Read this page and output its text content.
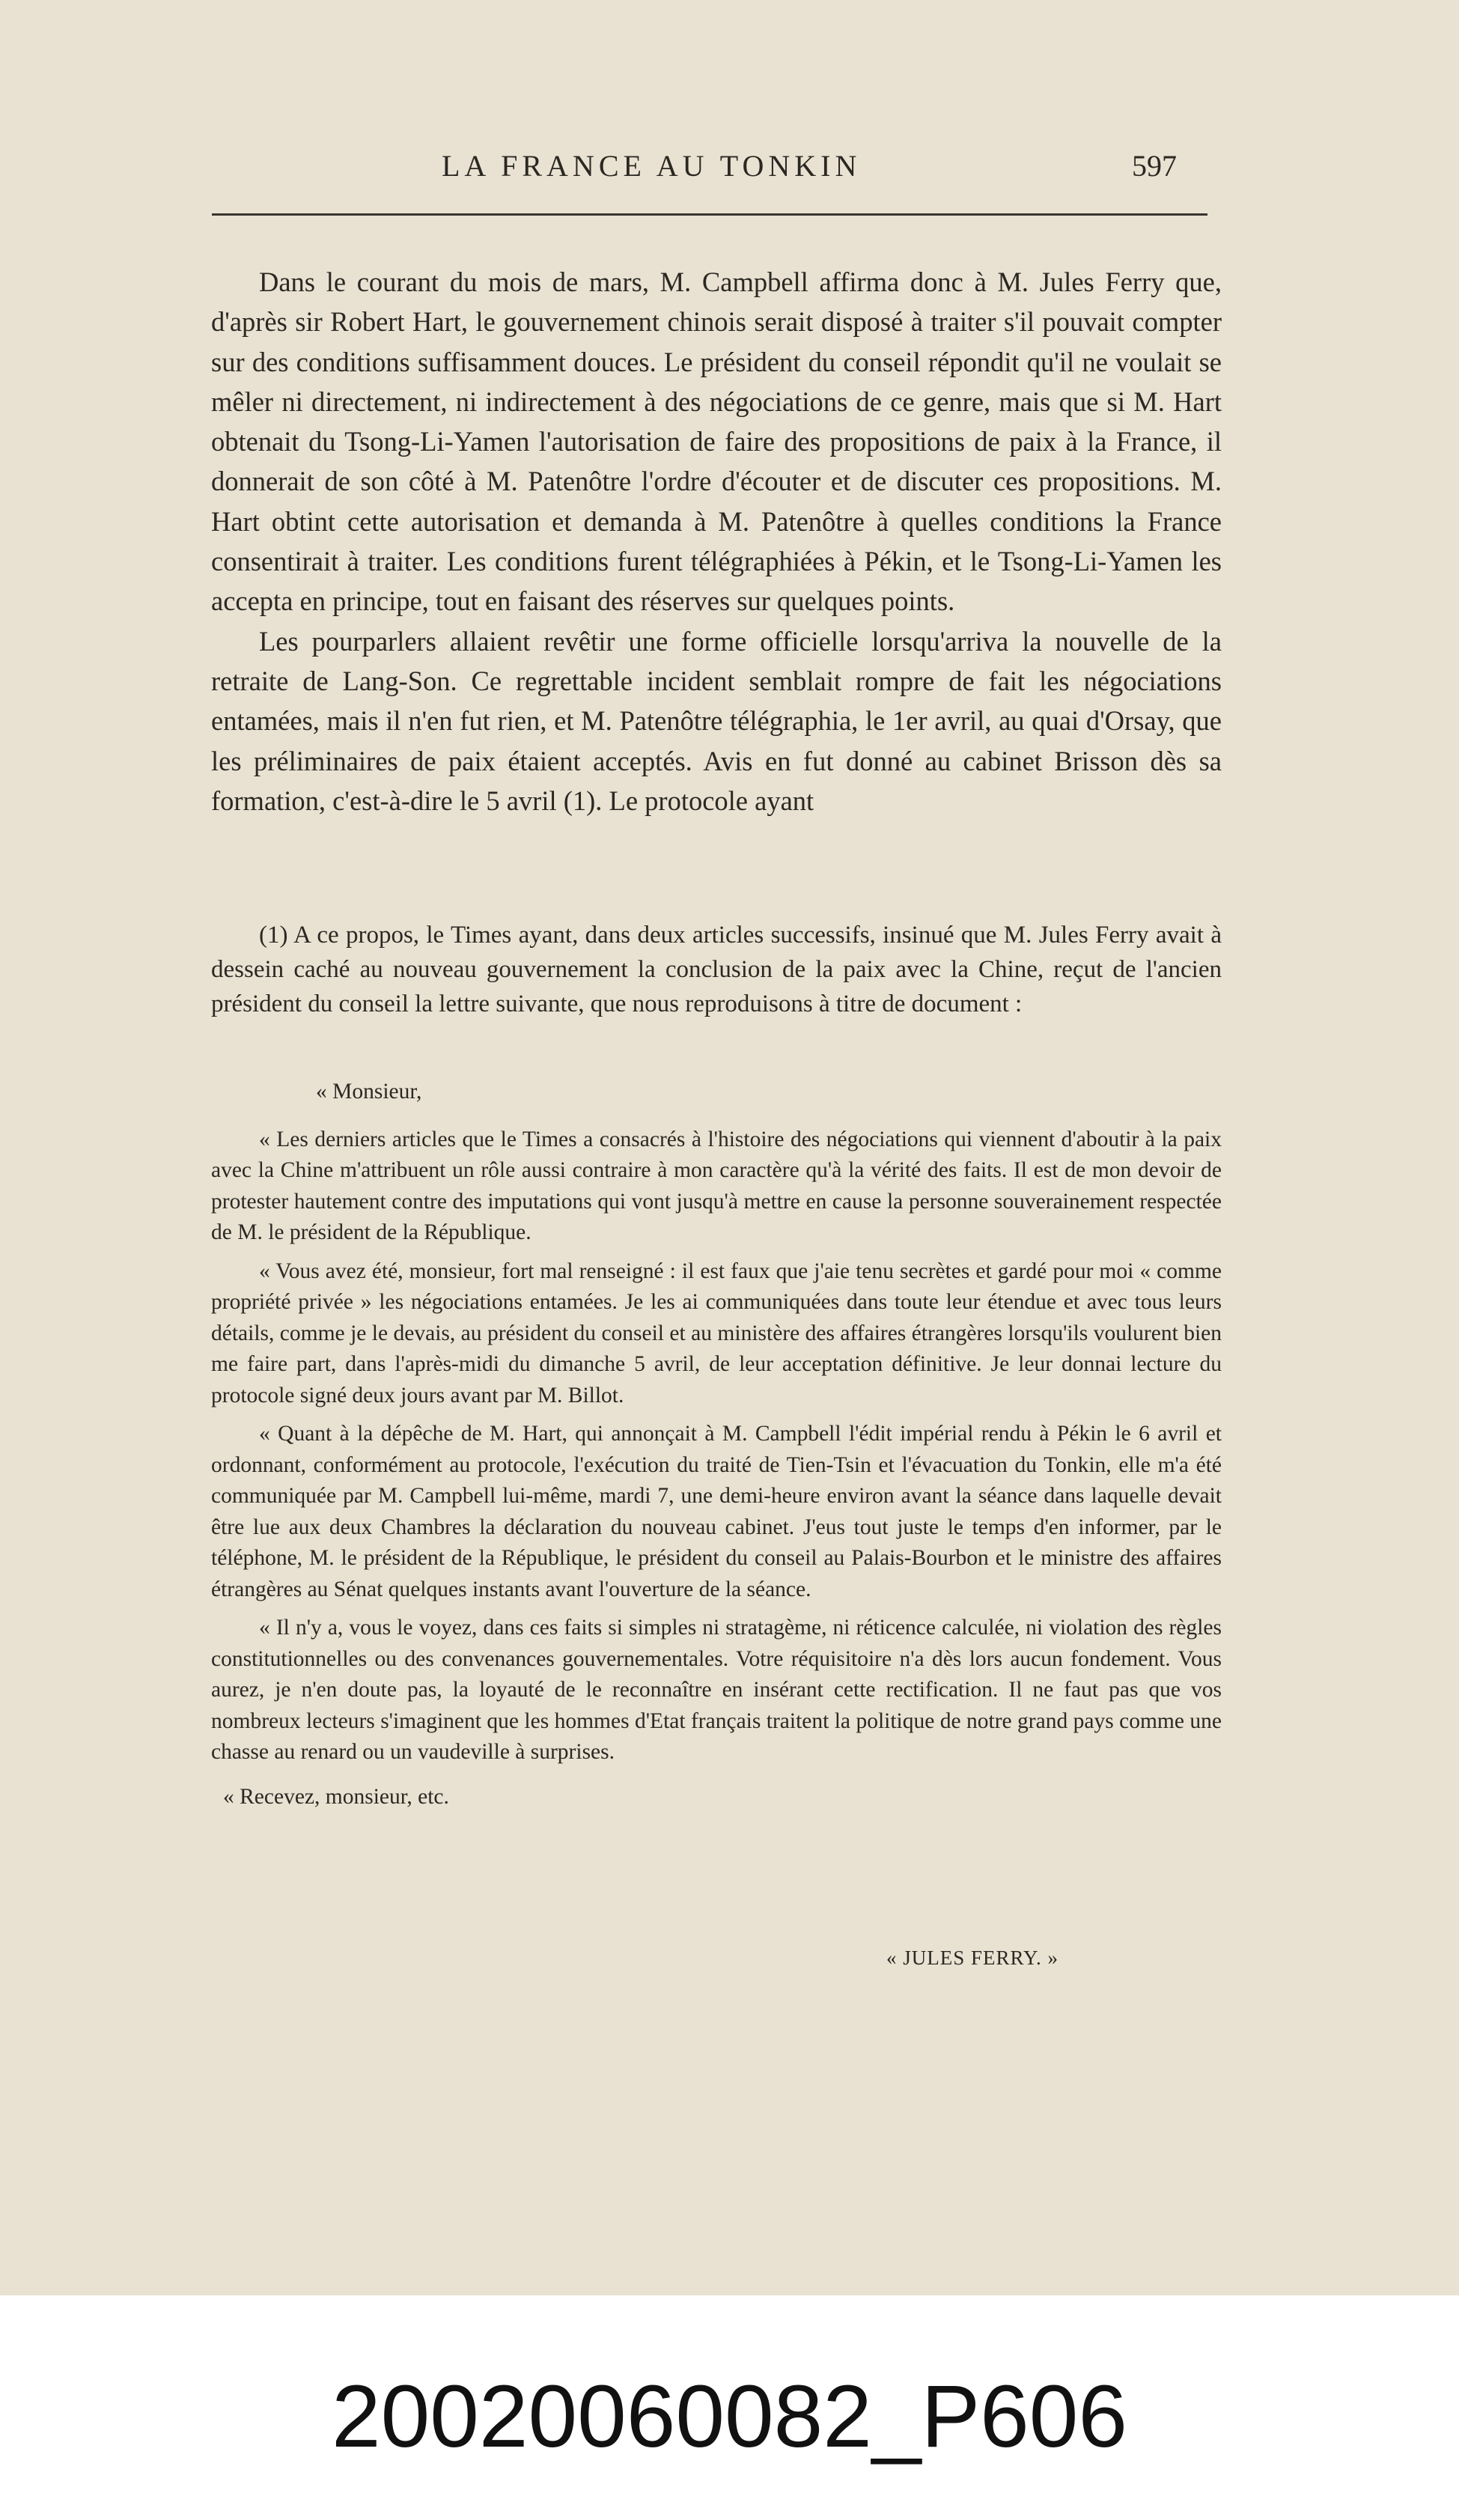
LA FRANCE AU TONKIN	597

Dans le courant du mois de mars, M. Campbell affirma donc à M. Jules Ferry que, d'après sir Robert Hart, le gouvernement chinois serait disposé à traiter s'il pouvait compter sur des conditions suffisamment douces. Le président du conseil répondit qu'il ne voulait se mêler ni directement, ni indirectement à des négociations de ce genre, mais que si M. Hart obtenait du Tsong-Li-Yamen l'autorisation de faire des propositions de paix à la France, il donnerait de son côté à M. Patenôtre l'ordre d'écouter et de discuter ces propositions. M. Hart obtint cette autorisation et demanda à M. Patenôtre à quelles conditions la France consentirait à traiter. Les conditions furent télégraphiées à Pékin, et le Tsong-Li-Yamen les accepta en principe, tout en faisant des réserves sur quelques points.

Les pourparlers allaient revêtir une forme officielle lorsqu'arriva la nouvelle de la retraite de Lang-Son. Ce regrettable incident semblait rompre de fait les négociations entamées, mais il n'en fut rien, et M. Patenôtre télégraphia, le 1er avril, au quai d'Orsay, que les préliminaires de paix étaient acceptés. Avis en fut donné au cabinet Brisson dès sa formation, c'est-à-dire le 5 avril (1). Le protocole ayant

(1) A ce propos, le Times ayant, dans deux articles successifs, insinué que M. Jules Ferry avait à dessein caché au nouveau gouvernement la conclusion de la paix avec la Chine, reçut de l'ancien président du conseil la lettre suivante, que nous reproduisons à titre de document :

« Monsieur,

« Les derniers articles que le Times a consacrés à l'histoire des négociations qui viennent d'aboutir à la paix avec la Chine m'attribuent un rôle aussi contraire à mon caractère qu'à la vérité des faits. Il est de mon devoir de protester hautement contre des imputations qui vont jusqu'à mettre en cause la personne souverainement respectée de M. le président de la République.

« Vous avez été, monsieur, fort mal renseigné : il est faux que j'aie tenu secrètes et gardé pour moi « comme propriété privée » les négociations entamées. Je les ai communiquées dans toute leur étendue et avec tous leurs détails, comme je le devais, au président du conseil et au ministère des affaires étrangères lorsqu'ils voulurent bien me faire part, dans l'après-midi du dimanche 5 avril, de leur acceptation définitive. Je leur donnai lecture du protocole signé deux jours avant par M. Billot.

« Quant à la dépêche de M. Hart, qui annonçait à M. Campbell l'édit impérial rendu à Pékin le 6 avril et ordonnant, conformément au protocole, l'exécution du traité de Tien-Tsin et l'évacuation du Tonkin, elle m'a été communiquée par M. Campbell lui-même, mardi 7, une demi-heure environ avant la séance dans laquelle devait être lue aux deux Chambres la déclaration du nouveau cabinet. J'eus tout juste le temps d'en informer, par le téléphone, M. le président de la République, le président du conseil au Palais-Bourbon et le ministre des affaires étrangères au Sénat quelques instants avant l'ouverture de la séance.

« Il n'y a, vous le voyez, dans ces faits si simples ni stratagème, ni réticence calculée, ni violation des règles constitutionnelles ou des convenances gouvernementales. Votre réquisitoire n'a dès lors aucun fondement. Vous aurez, je n'en doute pas, la loyauté de le reconnaître en insérant cette rectification. Il ne faut pas que vos nombreux lecteurs s'imaginent que les hommes d'Etat français traitent la politique de notre grand pays comme une chasse au renard ou un vaudeville à surprises.

« Recevez, monsieur, etc.

« JULES FERRY. »
20020060082_P606
